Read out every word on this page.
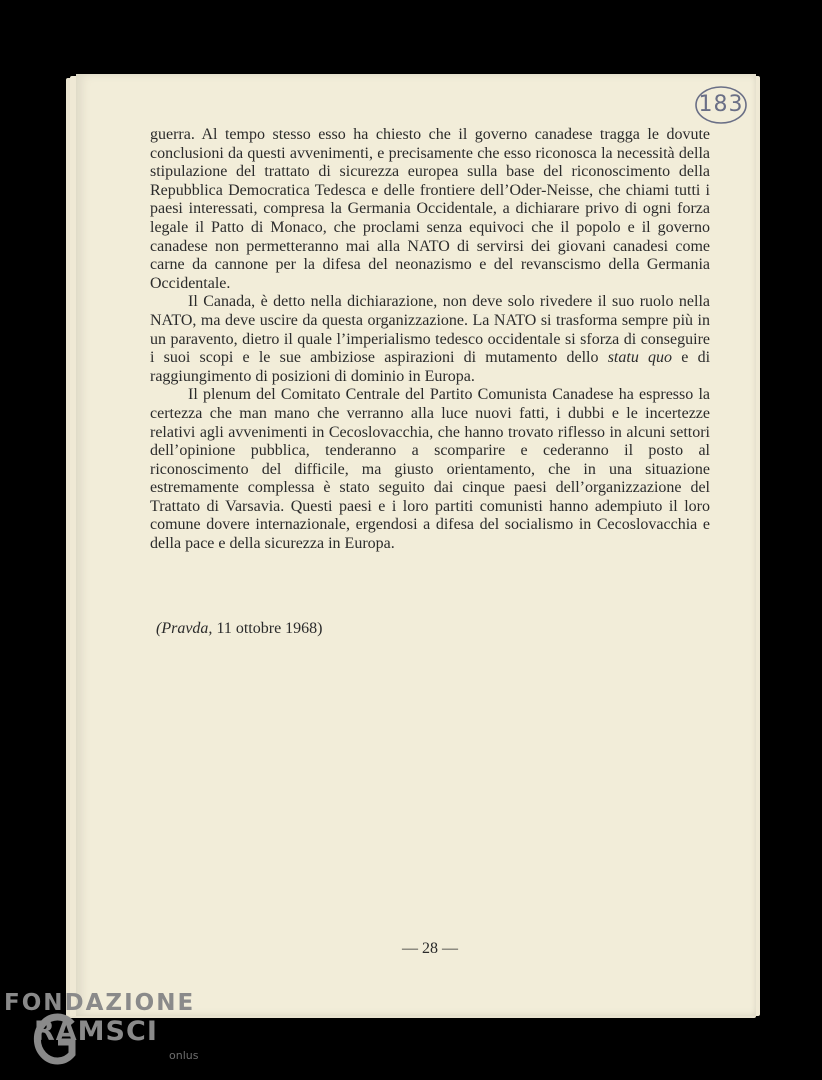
183

guerra. Al tempo stesso esso ha chiesto che il governo canadese tragga le dovute conclusioni da questi avvenimenti, e precisamente che esso riconosca la necessità della stipulazione del trattato di sicurezza europea sulla base del riconoscimento della Repubblica Democratica Tedesca e delle frontiere dell’Oder-Neisse, che chiami tutti i paesi interessati, compresa la Germania Occidentale, a dichiarare privo di ogni forza legale il Patto di Monaco, che proclami senza equivoci che il popolo e il governo canadese non permetteranno mai alla NATO di servirsi dei giovani canadesi come carne da cannone per la difesa del neonazismo e del revanscismo della Germania Occidentale.

Il Canada, è detto nella dichiarazione, non deve solo rivedere il suo ruolo nella NATO, ma deve uscire da questa organizzazione. La NATO si trasforma sempre più in un paravento, dietro il quale l’imperialismo tedesco occidentale si sforza di conseguire i suoi scopi e le sue ambiziose aspirazioni di mutamento dello statu quo e di raggiungimento di posizioni di dominio in Europa.

Il plenum del Comitato Centrale del Partito Comunista Canadese ha espresso la certezza che man mano che verranno alla luce nuovi fatti, i dubbi e le incertezze relativi agli avvenimenti in Cecoslovacchia, che hanno trovato riflesso in alcuni settori dell’opinione pubblica, tenderanno a scomparire e cederanno il posto al riconoscimento del difficile, ma giusto orientamento, che in una situazione estremamente complessa è stato seguito dai cinque paesi dell’organizzazione del Trattato di Varsavia. Questi paesi e i loro partiti comunisti hanno adempiuto il loro comune dovere internazionale, ergendosi a difesa del socialismo in Cecoslovacchia e della pace e della sicurezza in Europa.

(Pravda, 11 ottobre 1968)
— 28 —
FONDAZIONE
RAMSCI
onlus
